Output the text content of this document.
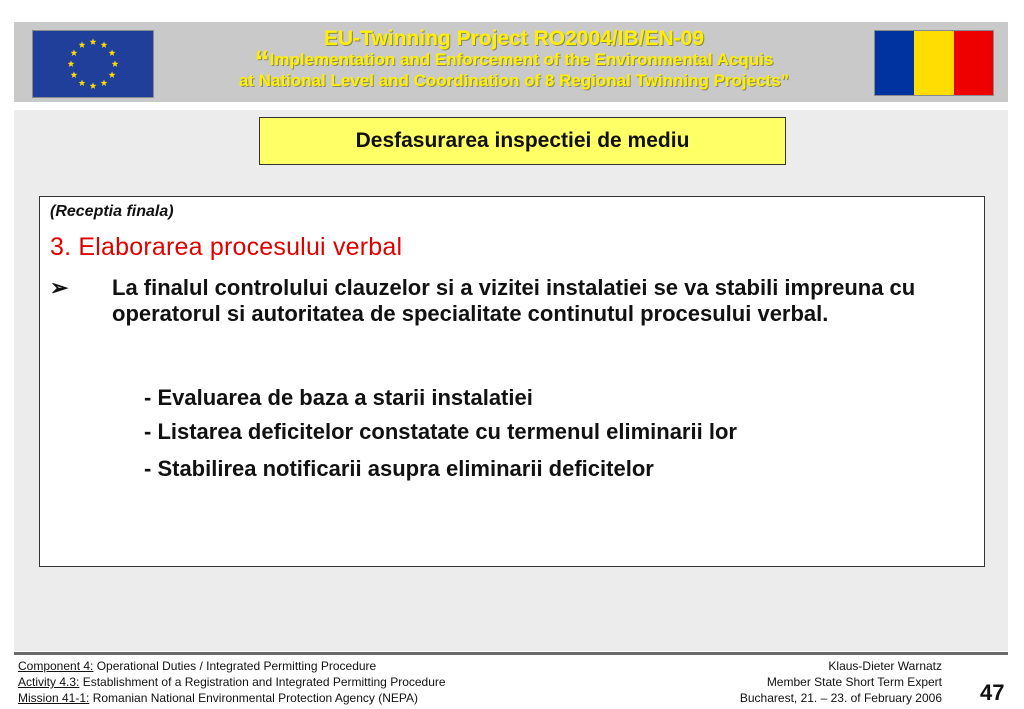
EU-Twinning Project RO2004/IB/EN-09
“Implementation and Enforcement of the Environmental Acquis
at National Level and Coordination of 8 Regional Twinning Projects”
Desfasurarea inspectiei de mediu
(Receptia finala)
3. Elaborarea procesului verbal
➢ La finalul controlului clauzelor si a vizitei instalatiei se va stabili impreuna cu operatorul si autoritatea de specialitate continutul procesului verbal.
- Evaluarea de baza a starii instalatiei
- Listarea deficitelor constatate cu termenul eliminarii lor
- Stabilirea notificarii asupra eliminarii deficitelor
Component 4: Operational Duties / Integrated Permitting Procedure
Activity 4.3: Establishment of a Registration and Integrated Permitting Procedure
Mission 41-1: Romanian National Environmental Protection Agency (NEPA)
Klaus-Dieter Warnatz
Member State Short Term Expert
Bucharest, 21. – 23. of February 2006 47
